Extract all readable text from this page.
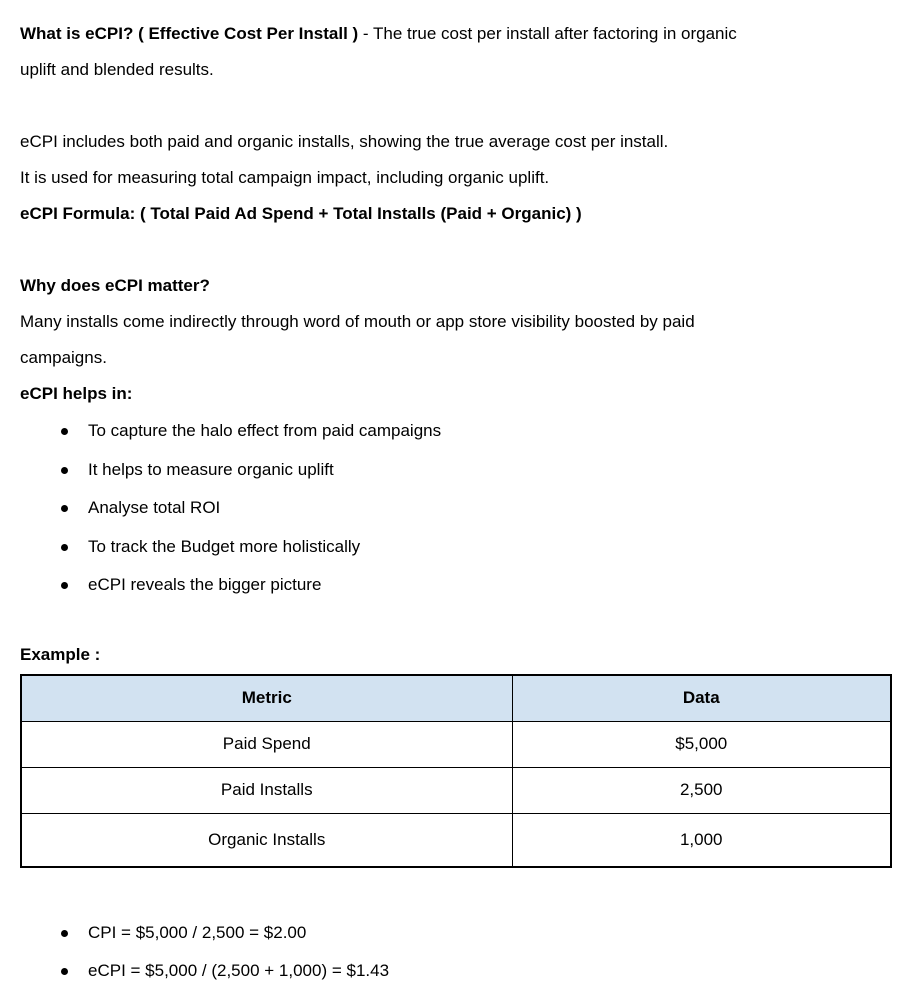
What is eCPI? ( Effective Cost Per Install ) - The true cost per install after factoring in organic
uplift and blended results.
eCPI includes both paid and organic installs, showing the true average cost per install.
It is used for measuring total campaign impact, including organic uplift.
eCPI Formula: ( Total Paid Ad Spend + Total Installs (Paid + Organic) )
Why does eCPI matter?
Many installs come indirectly through word of mouth or app store visibility boosted by paid
campaigns.
eCPI helps in:
To capture the halo effect from paid campaigns
It helps to measure organic uplift
Analyse total ROI
To track the Budget more holistically
eCPI reveals the bigger picture
Example :
Metric	Data
Paid Spend	$5,000
Paid Installs	2,500
Organic Installs	1,000
CPI = $5,000 / 2,500 = $2.00
eCPI = $5,000 / (2,500 + 1,000) = $1.43
